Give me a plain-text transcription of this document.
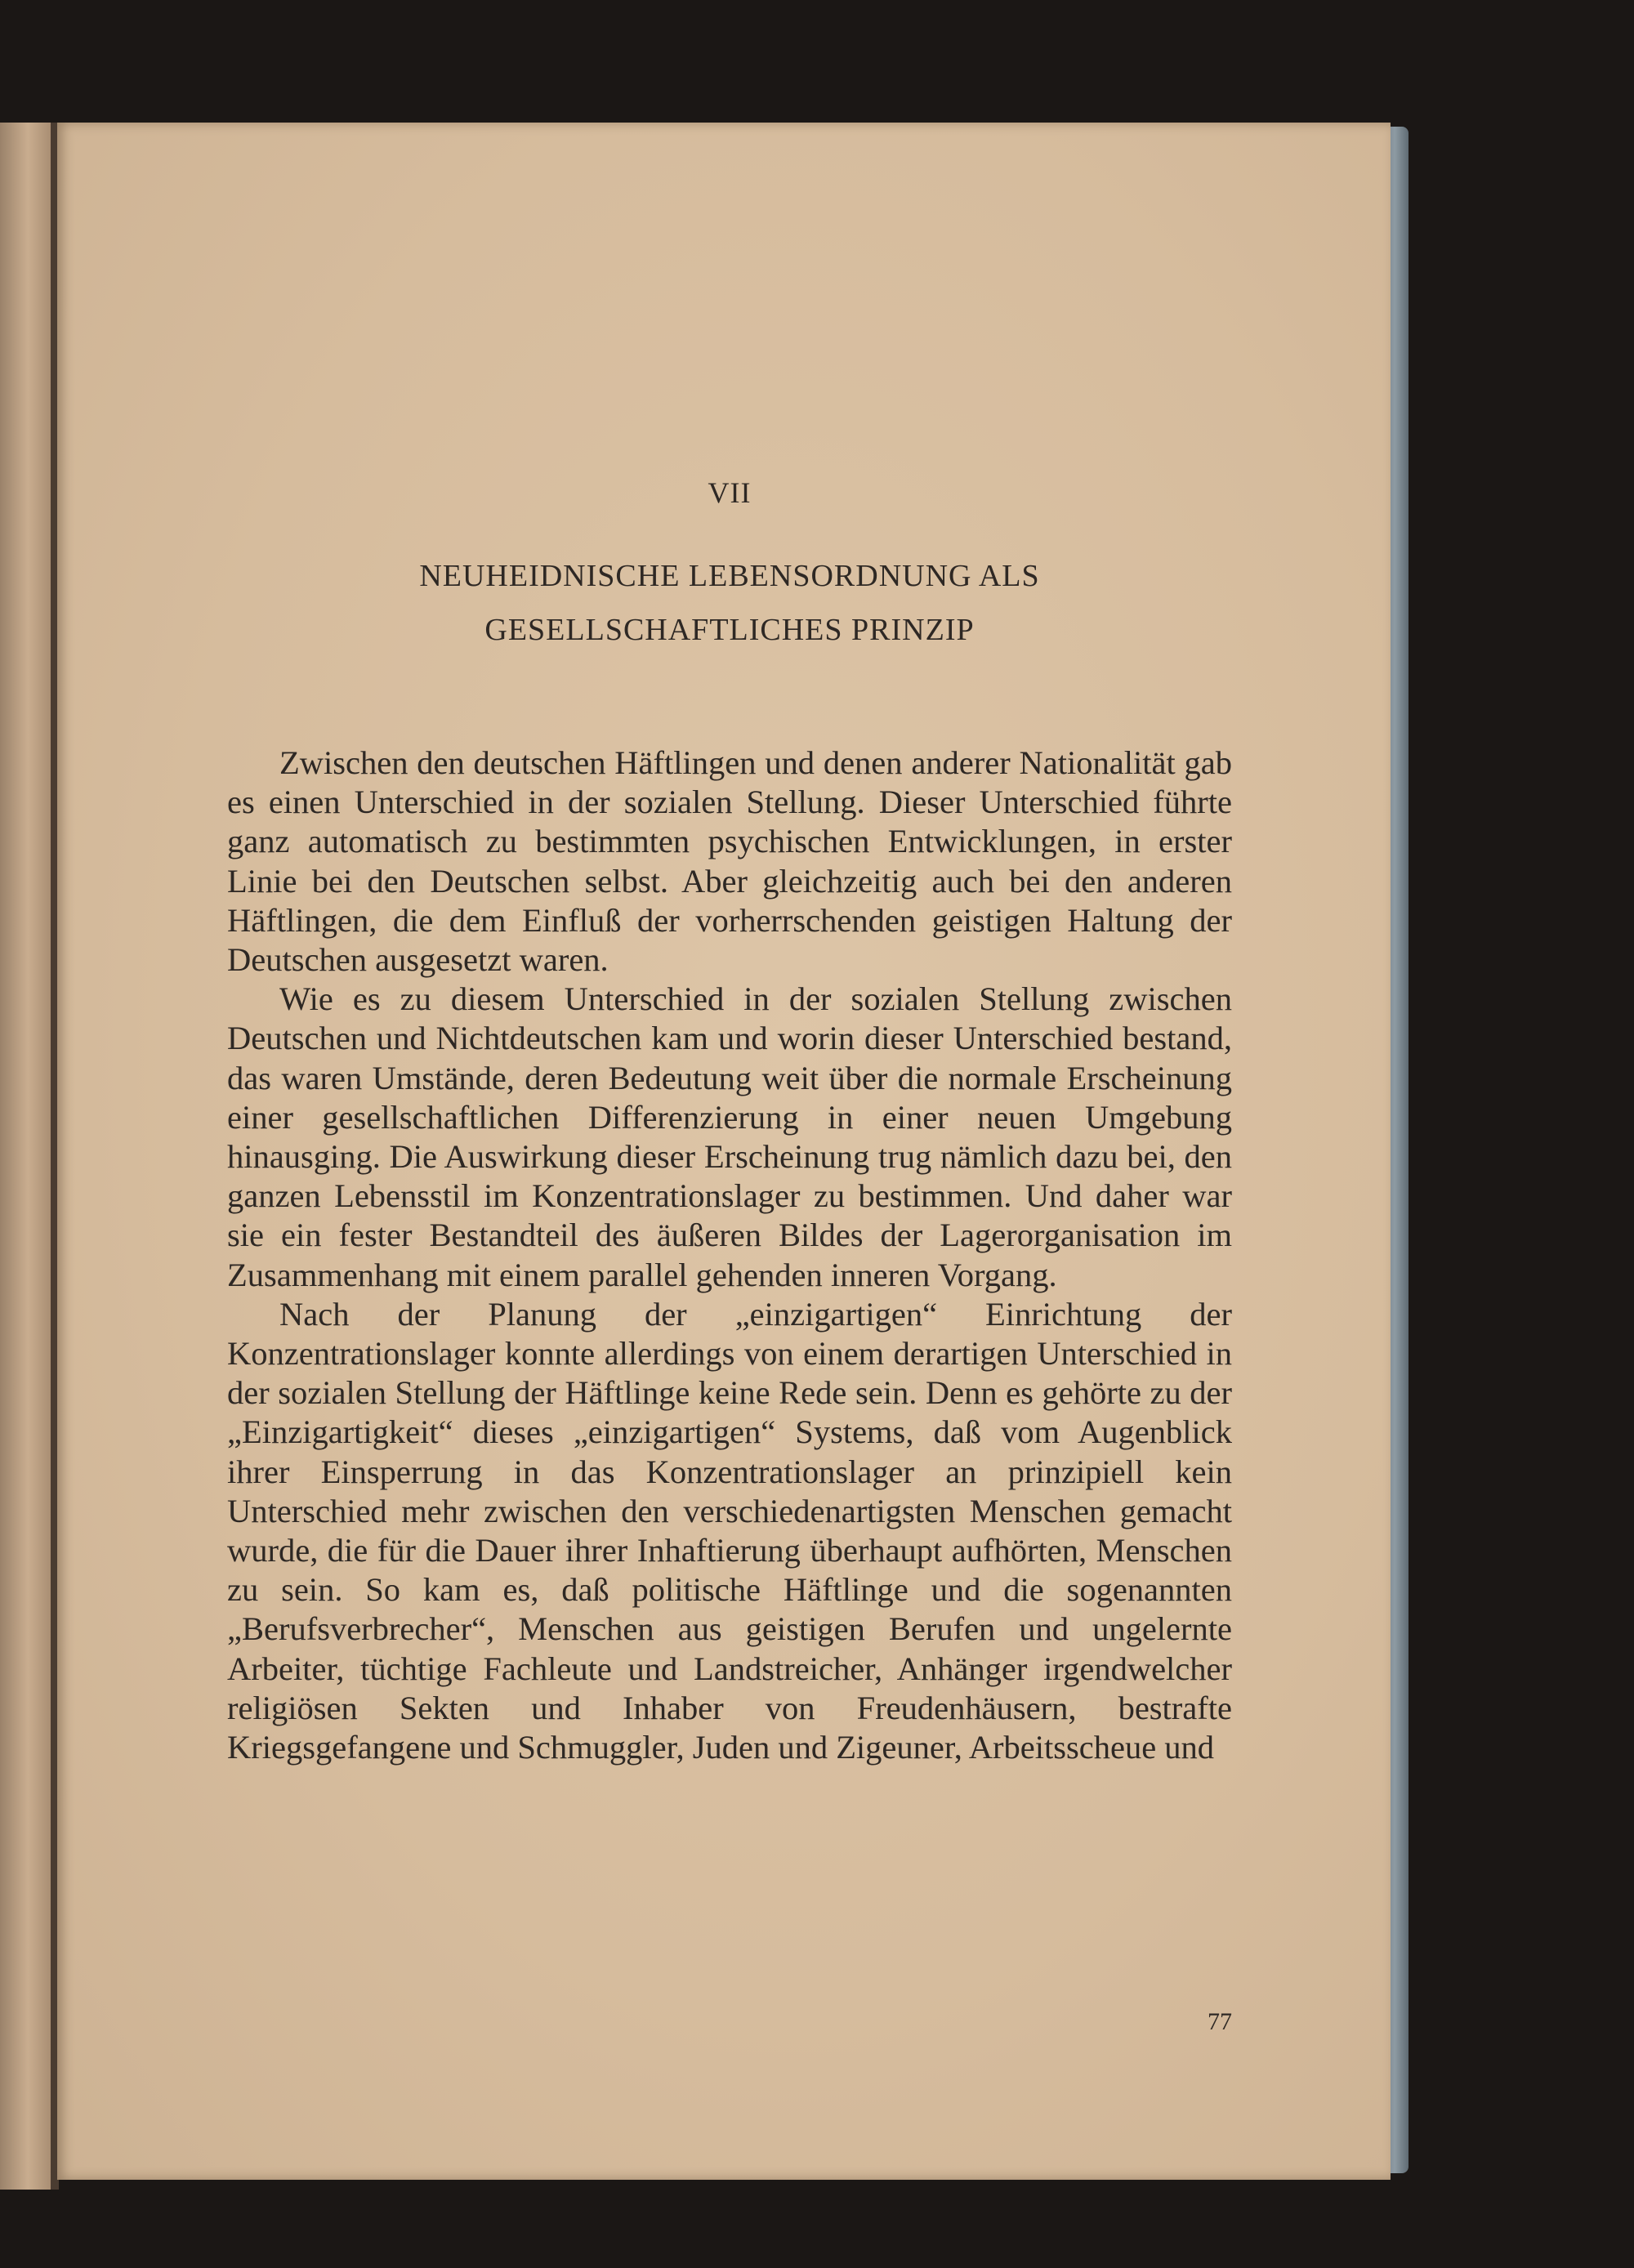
VII
NEUHEIDNISCHE LEBENSORDNUNG ALS
GESELLSCHAFTLICHES PRINZIP

Zwischen den deutschen Häftlingen und denen anderer Nationalität gab es einen Unterschied in der sozialen Stellung. Dieser Unterschied führte ganz automatisch zu bestimmten psychischen Entwicklungen, in erster Linie bei den Deutschen selbst. Aber gleichzeitig auch bei den anderen Häftlingen, die dem Einfluß der vorherrschenden geistigen Haltung der Deutschen ausgesetzt waren.

Wie es zu diesem Unterschied in der sozialen Stellung zwischen Deutschen und Nichtdeutschen kam und worin dieser Unterschied bestand, das waren Umstände, deren Bedeutung weit über die normale Erscheinung einer gesellschaftlichen Differenzierung in einer neuen Umgebung hinausging. Die Auswirkung dieser Erscheinung trug nämlich dazu bei, den ganzen Lebensstil im Konzentrationslager zu bestimmen. Und daher war sie ein fester Bestandteil des äußeren Bildes der Lagerorganisation im Zusammenhang mit einem parallel gehenden inneren Vorgang.

Nach der Planung der „einzigartigen“ Einrichtung der Konzentrationslager konnte allerdings von einem derartigen Unterschied in der sozialen Stellung der Häftlinge keine Rede sein. Denn es gehörte zu der „Einzigartigkeit“ dieses „einzigartigen“ Systems, daß vom Augenblick ihrer Einsperrung in das Konzentrationslager an prinzipiell kein Unterschied mehr zwischen den verschiedenartigsten Menschen gemacht wurde, die für die Dauer ihrer Inhaftierung überhaupt aufhörten, Menschen zu sein. So kam es, daß politische Häftlinge und die sogenannten „Berufsverbrecher“, Menschen aus geistigen Berufen und ungelernte Arbeiter, tüchtige Fachleute und Landstreicher, Anhänger irgendwelcher religiösen Sekten und Inhaber von Freudenhäusern, bestrafte Kriegsgefangene und Schmuggler, Juden und Zigeuner, Arbeitsscheue und

77
